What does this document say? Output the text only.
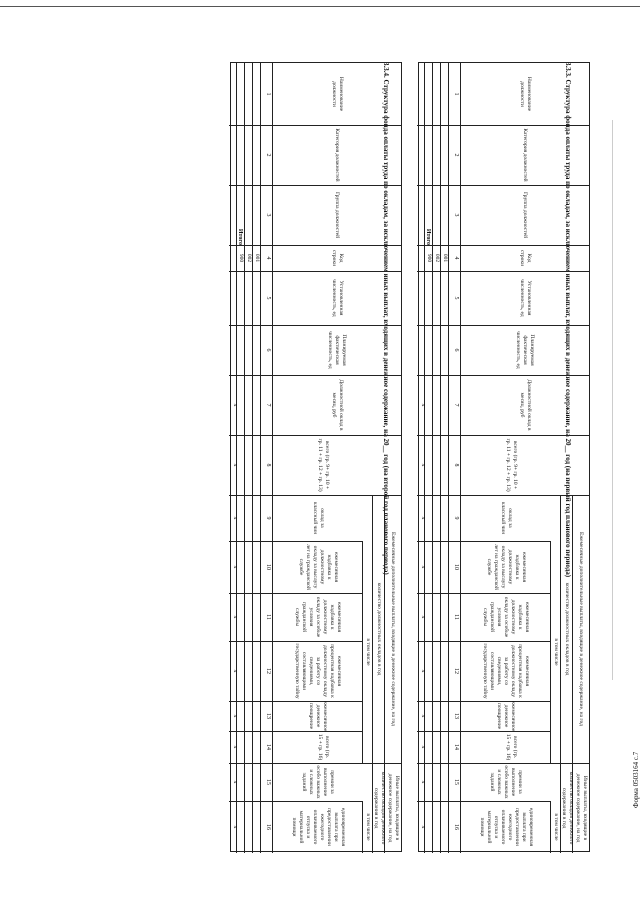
Форма 0503164 с.7
3.3.3. Структура фонда оплаты труда по окладам, за исключением иных выплат, входящих в денежное содержание, на 20__ год (на первый год планового периода)
Ежемесячные дополнительные выплаты, входящие в денежное содержание, на год
Иные выплаты, входящие в денежное содержание, на год
количество должностных окладов в год
количество окладов денежного содержания в год
в том числе
в том числе
Наименование должности
Категория должностей
Группа должностей
Код строки
Установленная численность, ед
Планируемая фактическая численность, ед
Должностной оклад в месяц, руб
всего (гр. 9+ гр. 10 + гр. 11 + гр. 12 + гр. 13)
оклад за классный чин
ежемесячная надбавка к должностному окладу за выслугу лет на гражданской службе
ежемесячная надбавка к должностному окладу за особые условия гражданской службы
ежемесячная процентная надбавка к должностному окладу за работу со сведениями, составляющими государственную тайну
ежемесячное денежное поощрение
всего (гр. 15 + гр. 16)
премии за выполнение особо важных и сложных заданий
единовременная выплата при предоставлении ежегодного оплачиваемого отпуска и материальной помощи
1
2
3
4
5
6
7
8
9
10
11
12
13
14
15
16
001
002
900
Итого
х
х
х
х
х
х
х
х
х
х
3.3.4. Структура фонда оплаты труда по окладам, за исключением иных выплат, входящих в денежное содержание, на 20__ год (на второй год планового периода)
Ежемесячные дополнительные выплаты, входящие в денежное содержание, на год
Иные выплаты, входящие в денежное содержание, на год
количество должностных окладов в год
количество окладов денежного содержания в год
в том числе
в том числе
Наименование должности
Категория должностей
Группа должностей
Код строки
Установленная численность, ед
Планируемая фактическая численность, ед
Должностной оклад в месяц, руб
всего (гр. 9+ гр. 10 + гр. 11 + гр. 12 + гр. 13)
оклад за классный чин
ежемесячная надбавка к должностному окладу за выслугу лет на гражданской службе
ежемесячная надбавка к должностному окладу за особые условия гражданской службы
ежемесячная процентная надбавка к должностному окладу за работу со сведениями, составляющими государственную тайну
ежемесячное денежное поощрение
всего (гр. 15 + гр. 16)
премии за выполнение особо важных и сложных заданий
единовременная выплата при предоставлении ежегодного оплачиваемого отпуска и материальной помощи
1
2
3
4
5
6
7
8
9
10
11
12
13
14
15
16
001
002
900
Итого
х
х
х
х
х
х
х
х
х
х
